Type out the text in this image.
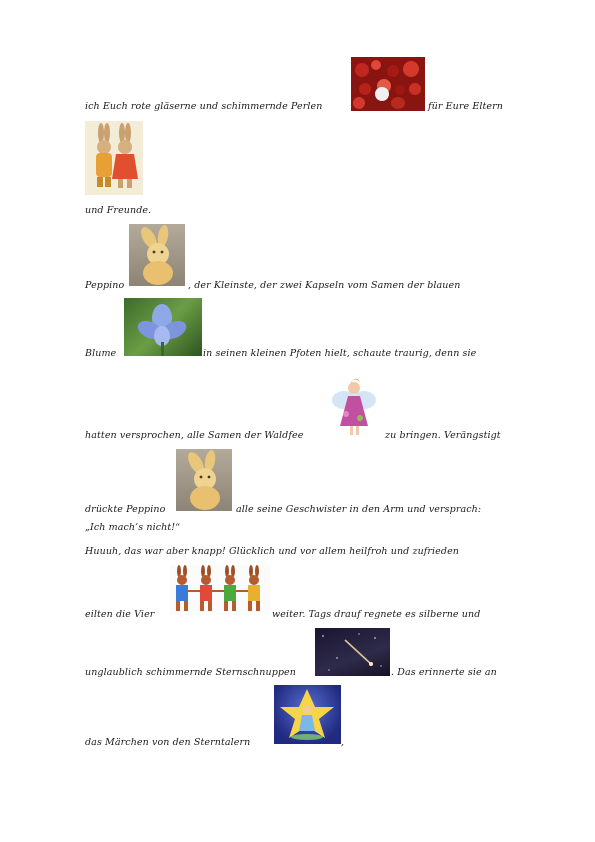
ich Euch rote gläserne und schimmernde Perlen	für Eure Eltern
und Freunde.
Peppino	, der Kleinste, der zwei Kapseln vom Samen der blauen
Blume	in seinen kleinen Pfoten hielt, schaute traurig, denn sie
hatten versprochen, alle Samen der Waldfee	zu bringen. Verängstigt
drückte Peppino	alle seine Geschwister in den Arm und versprach:
„Ich mach’s nicht!“
Huuuh, das war aber knapp! Glücklich und vor allem heilfroh und zufrieden
eilten die Vier	weiter. Tags drauf regnete es silberne und
unglaublich schimmernde Sternschnuppen	. Das erinnerte sie an
das Märchen von den Sterntalern	,
